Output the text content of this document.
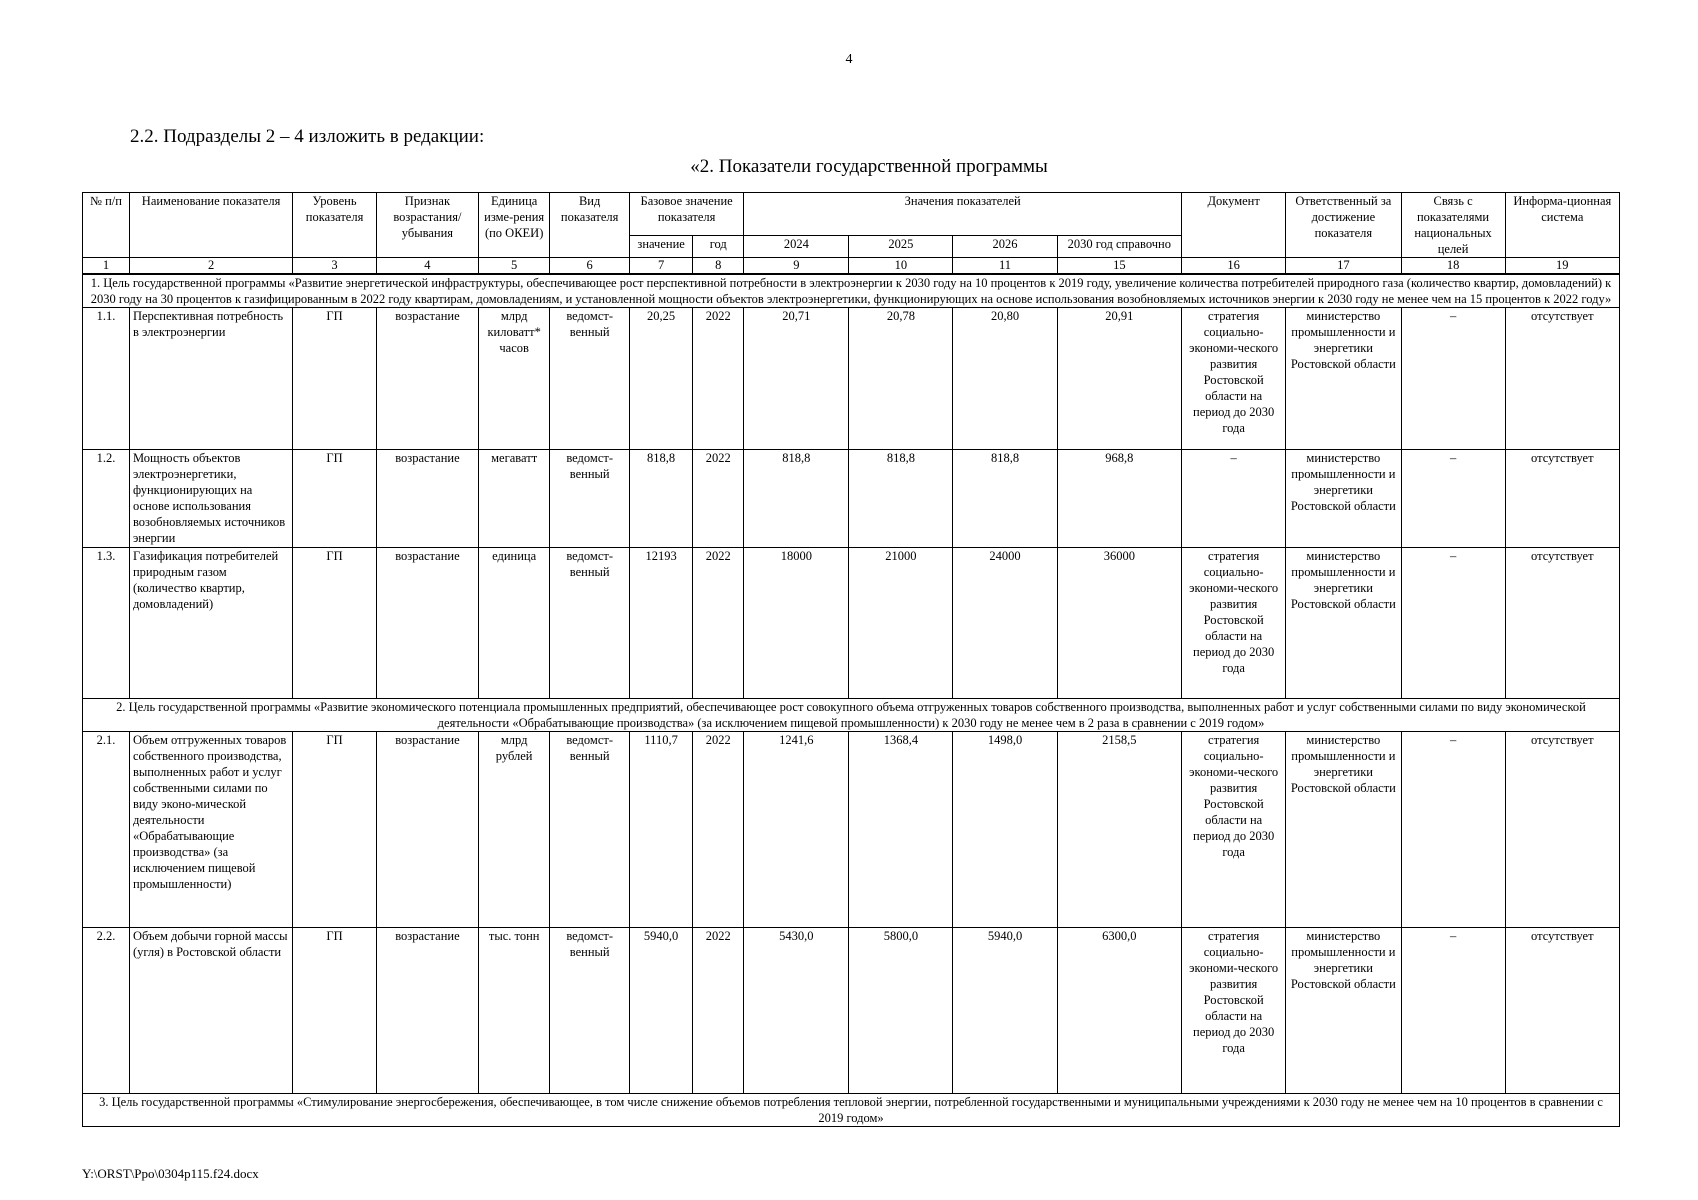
4
2.2. Подразделы 2 – 4 изложить в редакции:
«2. Показатели государственной программы
№ п/п	Наименование показателя	Уровень показателя	Признак возрастания/ убывания	Единица изме-рения (по ОКЕИ)	Вид показателя	Базовое значение показателя		Значения показателей				Документ	Ответственный за достижение показателя	Связь с показателями национальных целей	Информа-ционная система
						значение	год	2024	2025	2026	2030 год справочно				
1	2	3	4	5	6	7	8	9	10	11	15	16	17	18	19
1. Цель государственной программы «Развитие энергетической инфраструктуры, обеспечивающее рост перспективной потребности в электроэнергии к 2030 году на 10 процентов к 2019 году, увеличение количества потребителей природного газа (количество квартир, домовладений) к 2030 году на 30 процентов к газифицированным в 2022 году квартирам, домовладениям, и установленной мощности объектов электроэнергетики, функционирующих на основе использования возобновляемых источников энергии к 2030 году не менее чем на 15 процентов к 2022 году»															
1.1.	Перспективная потребность в электроэнергии	ГП	возрастание	млрд киловатт* часов	ведомст-венный	20,25	2022	20,71	20,78	20,80	20,91	стратегия социально-экономи-ческого развития Ростовской области на период до 2030 года	министерство промышленности и энергетики Ростовской области	–	отсутствует
1.2.	Мощность объектов электроэнергетики, функционирующих на основе использования возобновляемых источников энергии	ГП	возрастание	мегаватт	ведомст-венный	818,8	2022	818,8	818,8	818,8	968,8	–	министерство промышленности и энергетики Ростовской области	–	отсутствует
1.3.	Газификация потребителей природным газом (количество квартир, домовладений)	ГП	возрастание	единица	ведомст-венный	12193	2022	18000	21000	24000	36000	стратегия социально-экономи-ческого развития Ростовской области на период до 2030 года	министерство промышленности и энергетики Ростовской области	–	отсутствует
2. Цель государственной программы «Развитие экономического потенциала промышленных предприятий, обеспечивающее рост совокупного объема отгруженных товаров собственного производства, выполненных работ и услуг собственными силами по виду экономической деятельности «Обрабатывающие производства» (за исключением пищевой промышленности) к 2030 году не менее чем в 2 раза в сравнении с 2019 годом»															
2.1.	Объем отгруженных товаров собственного производства, выполненных работ и услуг собственными силами по виду эконо-мической деятельности «Обрабатывающие производства» (за исключением пищевой промышленности)	ГП	возрастание	млрд рублей	ведомст-венный	1110,7	2022	1241,6	1368,4	1498,0	2158,5	стратегия социально-экономи-ческого развития Ростовской области на период до 2030 года	министерство промышленности и энергетики Ростовской области	–	отсутствует
2.2.	Объем добычи горной массы (угля) в Ростовской области	ГП	возрастание	тыс. тонн	ведомст-венный	5940,0	2022	5430,0	5800,0	5940,0	6300,0	стратегия социально-экономи-ческого развития Ростовской области на период до 2030 года	министерство промышленности и энергетики Ростовской области	–	отсутствует
3. Цель государственной программы «Стимулирование энергосбережения, обеспечивающее, в том числе снижение объемов потребления тепловой энергии, потребленной государственными и муниципальными учреждениями к 2030 году не менее чем на 10 процентов в сравнении с 2019 годом»															
Y:\ORST\Ppo\0304p115.f24.docx
